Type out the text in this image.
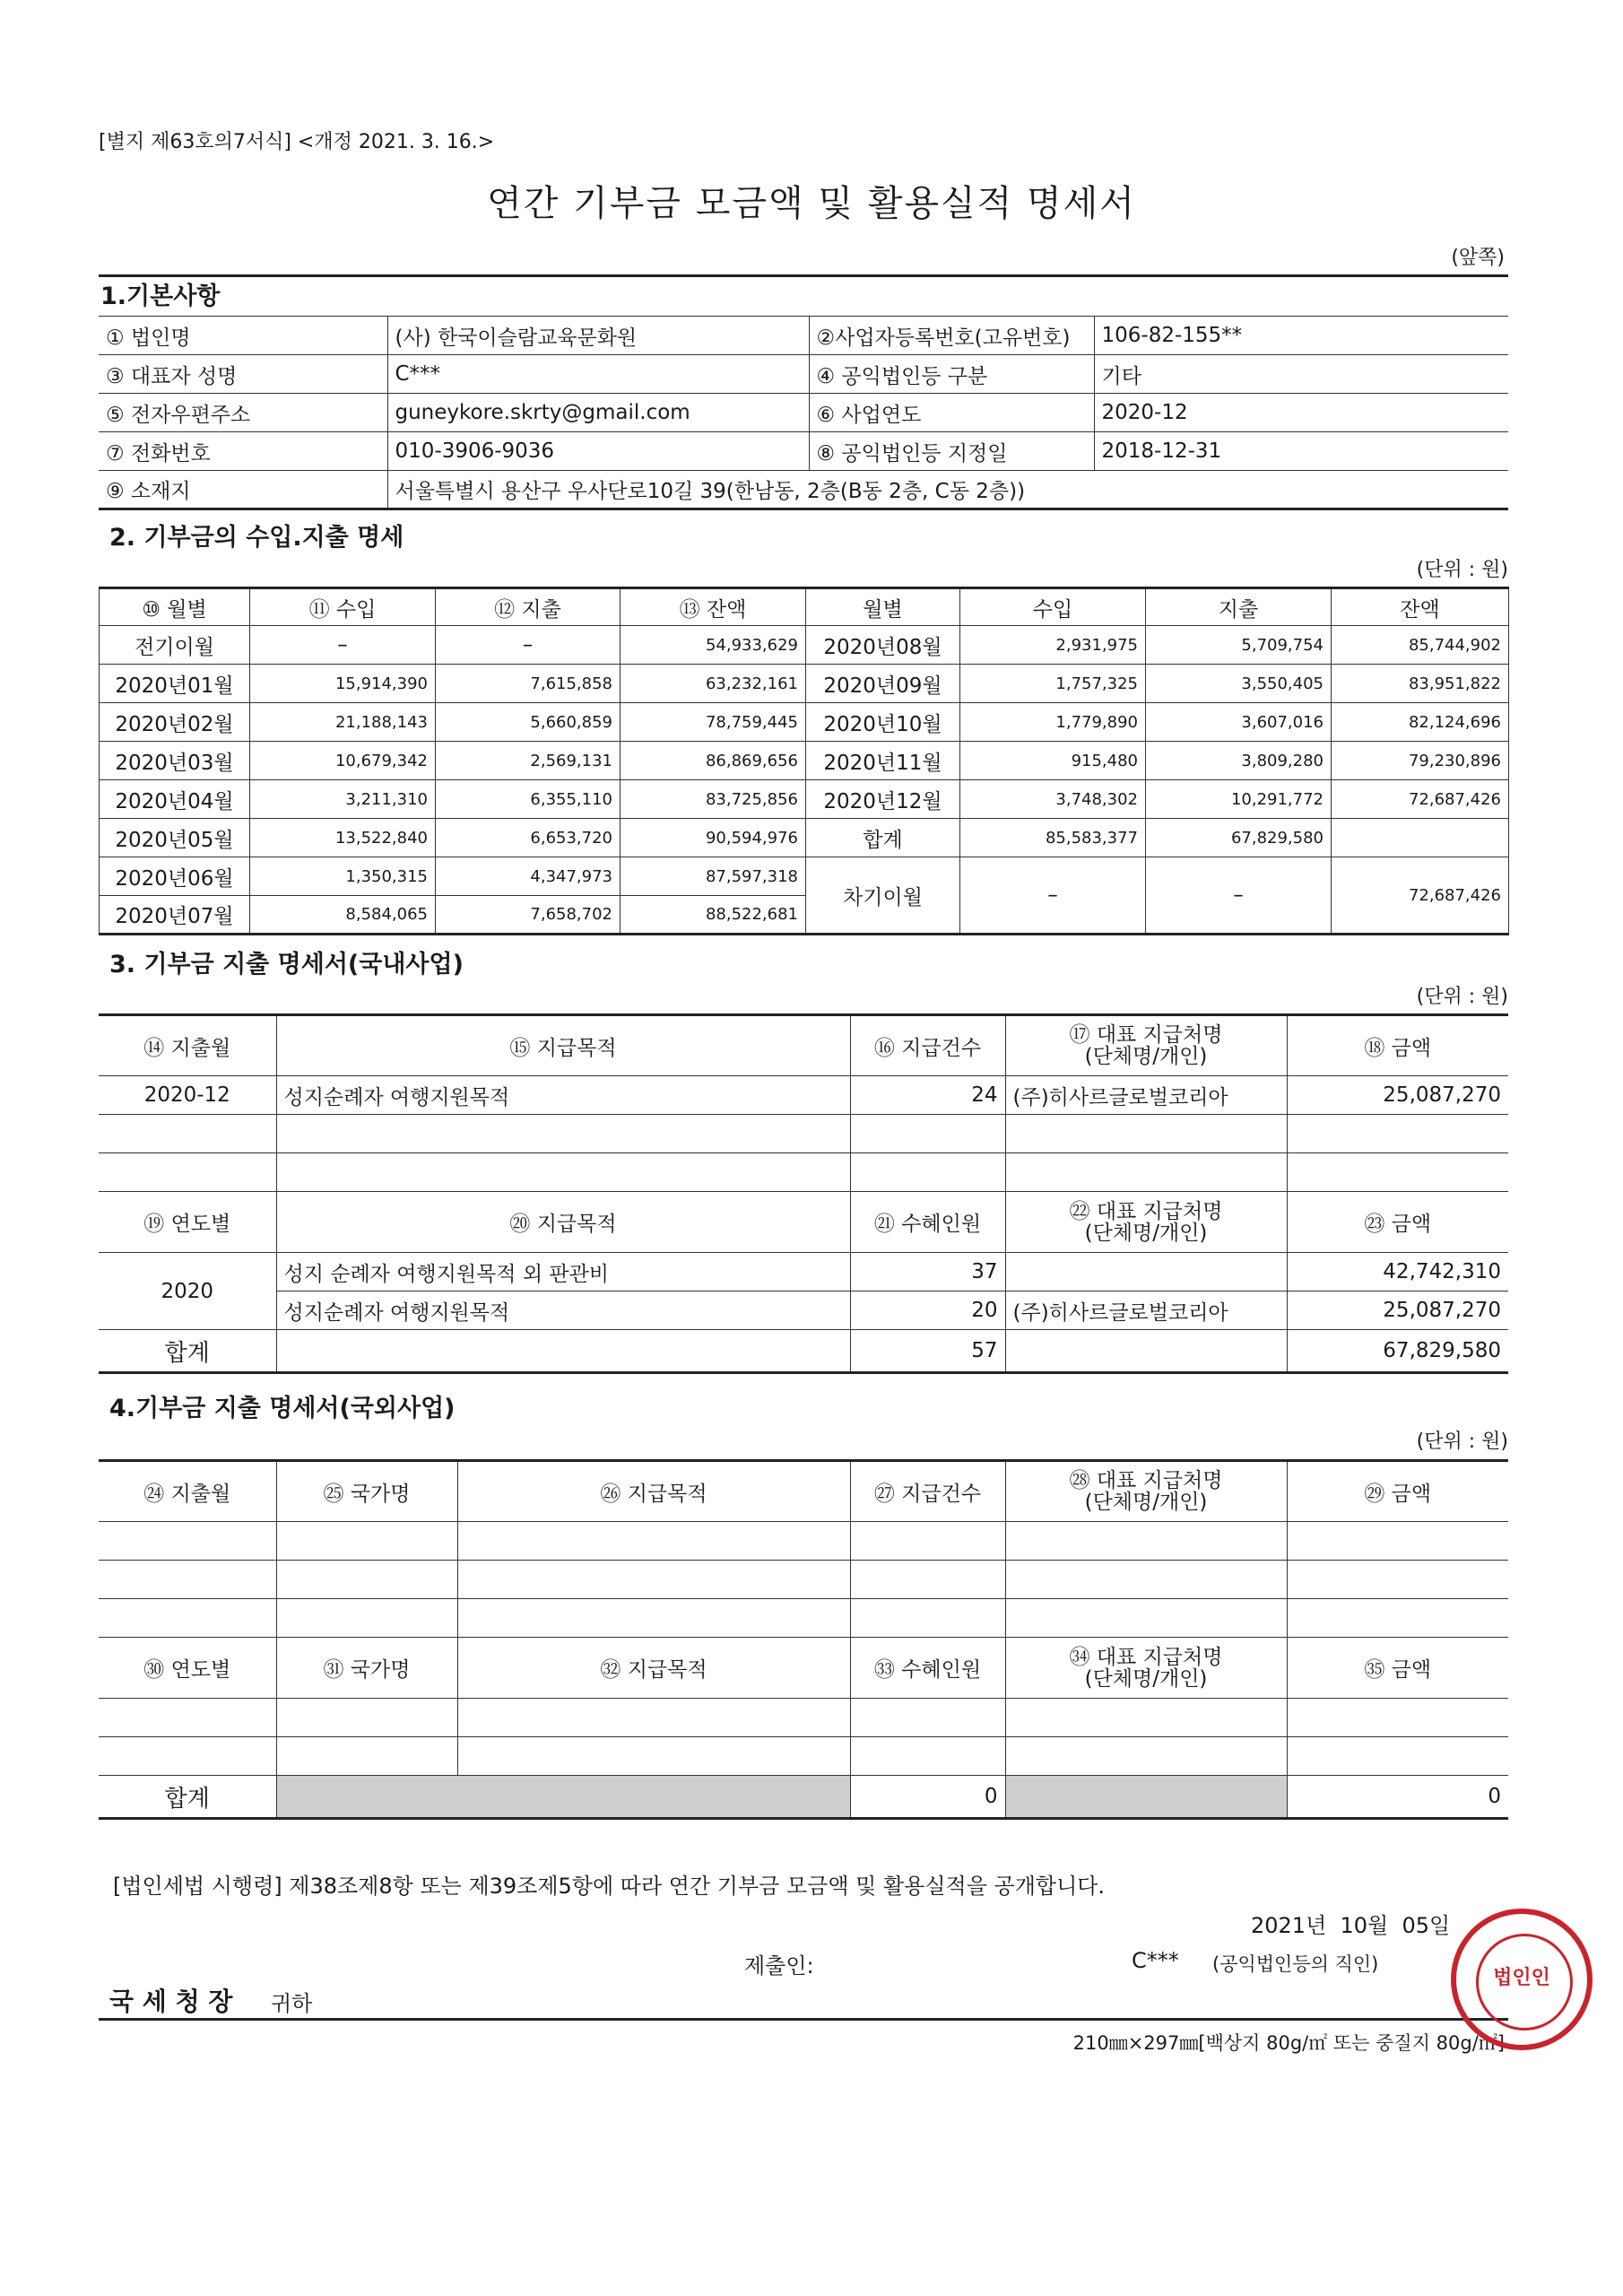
[별지 제63호의7서식] <개정 2021. 3. 16.>
연간 기부금 모금액 및 활용실적 명세서
(앞쪽)
1.기본사항

① 법인명	(사) 한국이슬람교육문화원	②사업자등록번호(고유번호)	106-82-155**
③ 대표자 성명	C***	④ 공익법인등 구분	기타
⑤ 전자우편주소	guneykore.skrty@gmail.com	⑥ 사업연도	2020-12
⑦ 전화번호	010-3906-9036	⑧ 공익법인등 지정일	2018-12-31
⑨ 소재지	서울특별시 용산구 우사단로10길 39(한남동, 2층(B동 2층, C동 2층))		
2. 기부금의 수입.지출 명세
(단위 : 원)
⑩ 월별	⑪ 수입	⑫ 지출	⑬ 잔액	월별	수입	지출	잔액
전기이월	–	–	54,933,629	2020년08월	2,931,975	5,709,754	85,744,902
2020년01월	15,914,390	7,615,858	63,232,161	2020년09월	1,757,325	3,550,405	83,951,822
2020년02월	21,188,143	5,660,859	78,759,445	2020년10월	1,779,890	3,607,016	82,124,696
2020년03월	10,679,342	2,569,131	86,869,656	2020년11월	915,480	3,809,280	79,230,896
2020년04월	3,211,310	6,355,110	83,725,856	2020년12월	3,748,302	10,291,772	72,687,426
2020년05월	13,522,840	6,653,720	90,594,976	합계	85,583,377	67,829,580	
2020년06월	1,350,315	4,347,973	87,597,318	차기이월	–	–	72,687,426
2020년07월	8,584,065	7,658,702	88,522,681				
3. 기부금 지출 명세서(국내사업)
(단위 : 원)
⑭ 지출월	⑮ 지급목적	⑯ 지급건수	⑰ 대표 지급처명
(단체명/개인)	⑱ 금액
2020-12	성지순례자 여행지원목적	24	(주)히사르글로벌코리아	25,087,270

⑲ 연도별	⑳ 지급목적	㉑ 수혜인원	㉒ 대표 지급처명
(단체명/개인)	㉓ 금액
2020	성지 순례자 여행지원목적 외 판관비	37		42,742,310
	성지순례자 여행지원목적	20	(주)히사르글로벌코리아	25,087,270
합계		57		67,829,580
4.기부금 지출 명세서(국외사업)
(단위 : 원)
㉔ 지출월	㉕ 국가명	㉖ 지급목적	㉗ 지급건수	㉘ 대표 지급처명
(단체명/개인)	㉙ 금액

㉚ 연도별	㉛ 국가명	㉜ 지급목적	㉝ 수혜인원	㉞ 대표 지급처명
(단체명/개인)	㉟ 금액

합계			0		0
[법인세법 시행령] 제38조제8항 또는 제39조제5항에 따라 연간 기부금 모금액 및 활용실적을 공개합니다.
2021년  10월  05일
제출인:	C*** (공익법인등의 직인)
국 세 청 장 귀하
210㎜×297㎜[백상지 80g/㎡ 또는 중질지 80g/㎡]
법인인
